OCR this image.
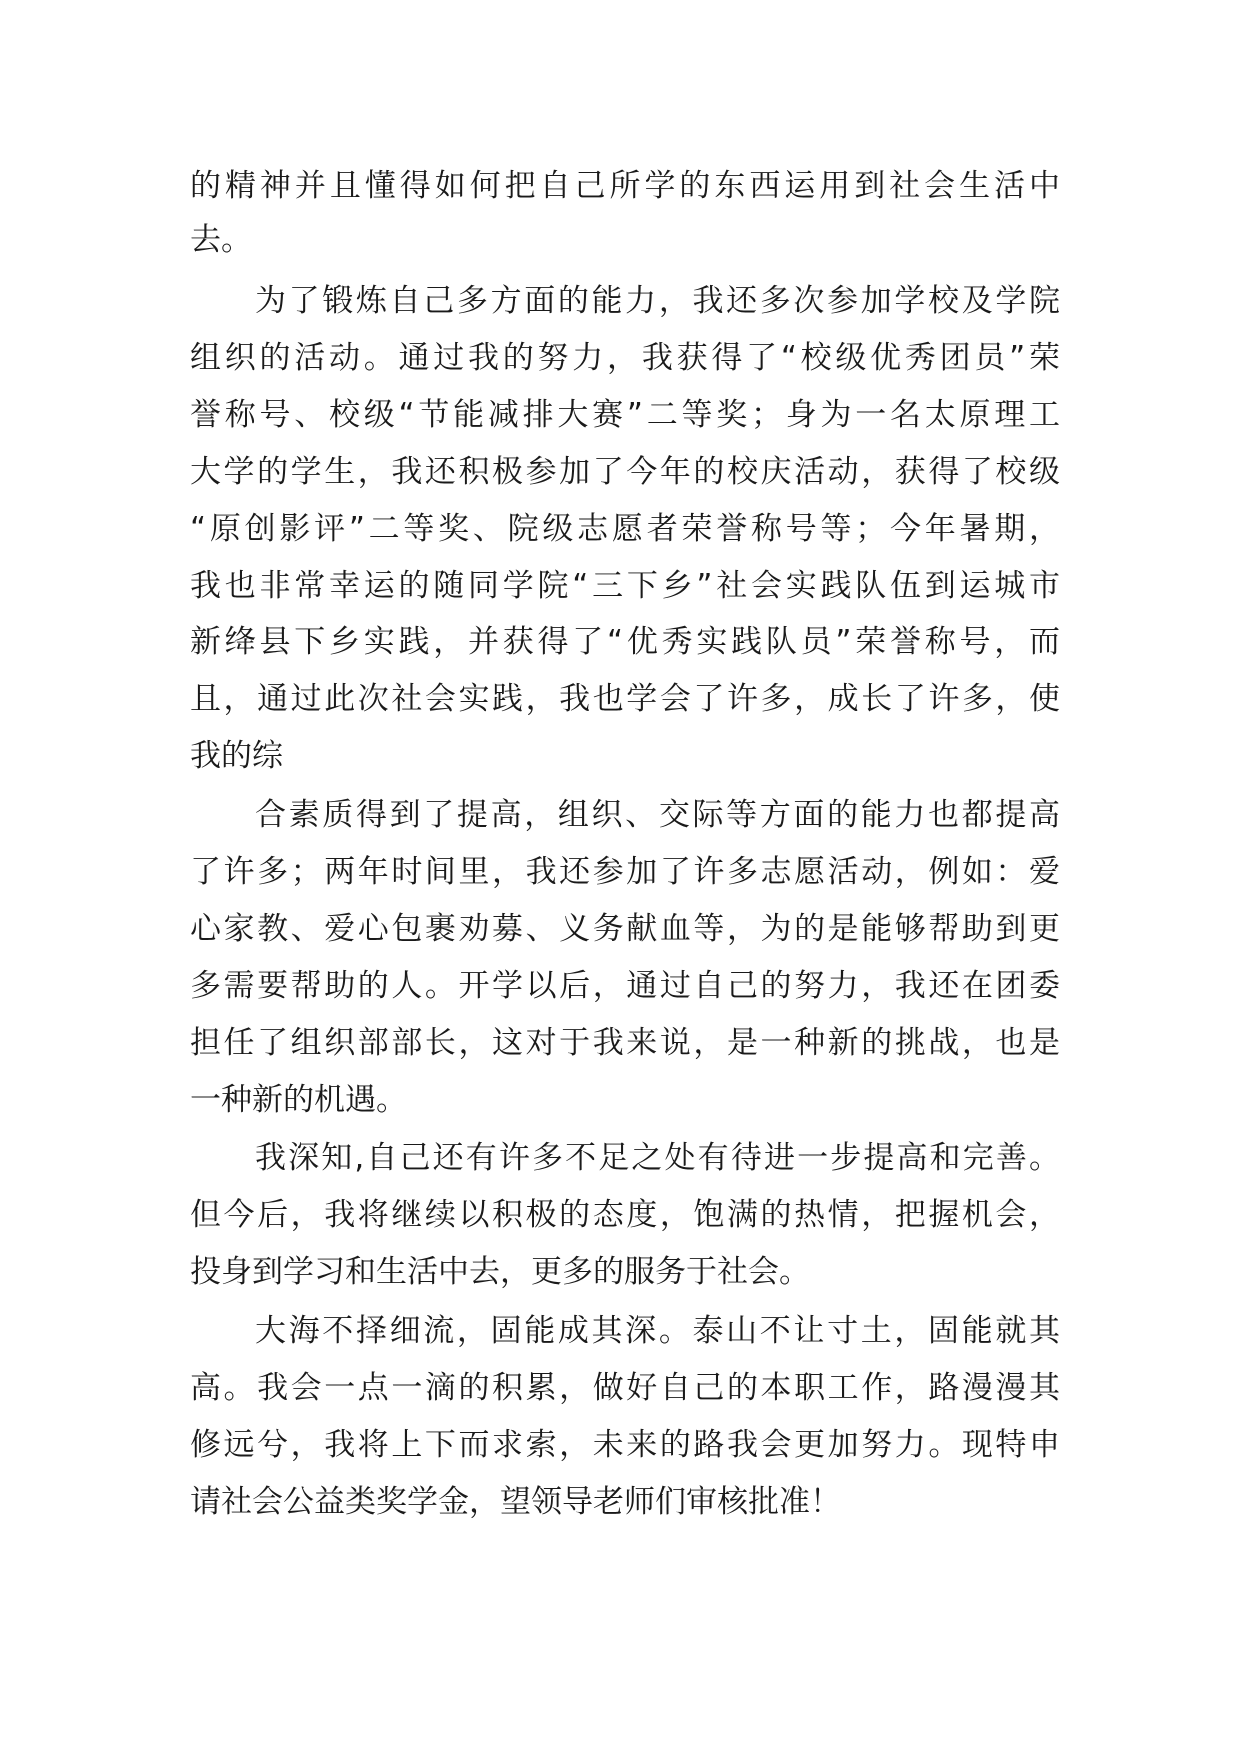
的精神并且懂得如何把自己所学的东西运用到社会生活中
去。
为了锻炼自己多方面的能力，我还多次参加学校及学院
组织的活动。通过我的努力，我获得了“校级优秀团员”荣
誉称号、校级“节能减排大赛”二等奖；身为一名太原理工
大学的学生，我还积极参加了今年的校庆活动，获得了校级
“原创影评”二等奖、院级志愿者荣誉称号等；今年暑期，
我也非常幸运的随同学院“三下乡”社会实践队伍到运城市
新绛县下乡实践，并获得了“优秀实践队员”荣誉称号，而
且，通过此次社会实践，我也学会了许多，成长了许多，使
我的综
合素质得到了提高，组织、交际等方面的能力也都提高
了许多；两年时间里，我还参加了许多志愿活动，例如：爱
心家教、爱心包裹劝募、义务献血等，为的是能够帮助到更
多需要帮助的人。开学以后，通过自己的努力，我还在团委
担任了组织部部长，这对于我来说，是一种新的挑战，也是
一种新的机遇。
我深知,自己还有许多不足之处有待进一步提高和完善。
但今后，我将继续以积极的态度，饱满的热情，把握机会，
投身到学习和生活中去，更多的服务于社会。
大海不择细流，固能成其深。泰山不让寸土，固能就其
高。我会一点一滴的积累，做好自己的本职工作，路漫漫其
修远兮，我将上下而求索，未来的路我会更加努力。现特申
请社会公益类奖学金，望领导老师们审核批准！
